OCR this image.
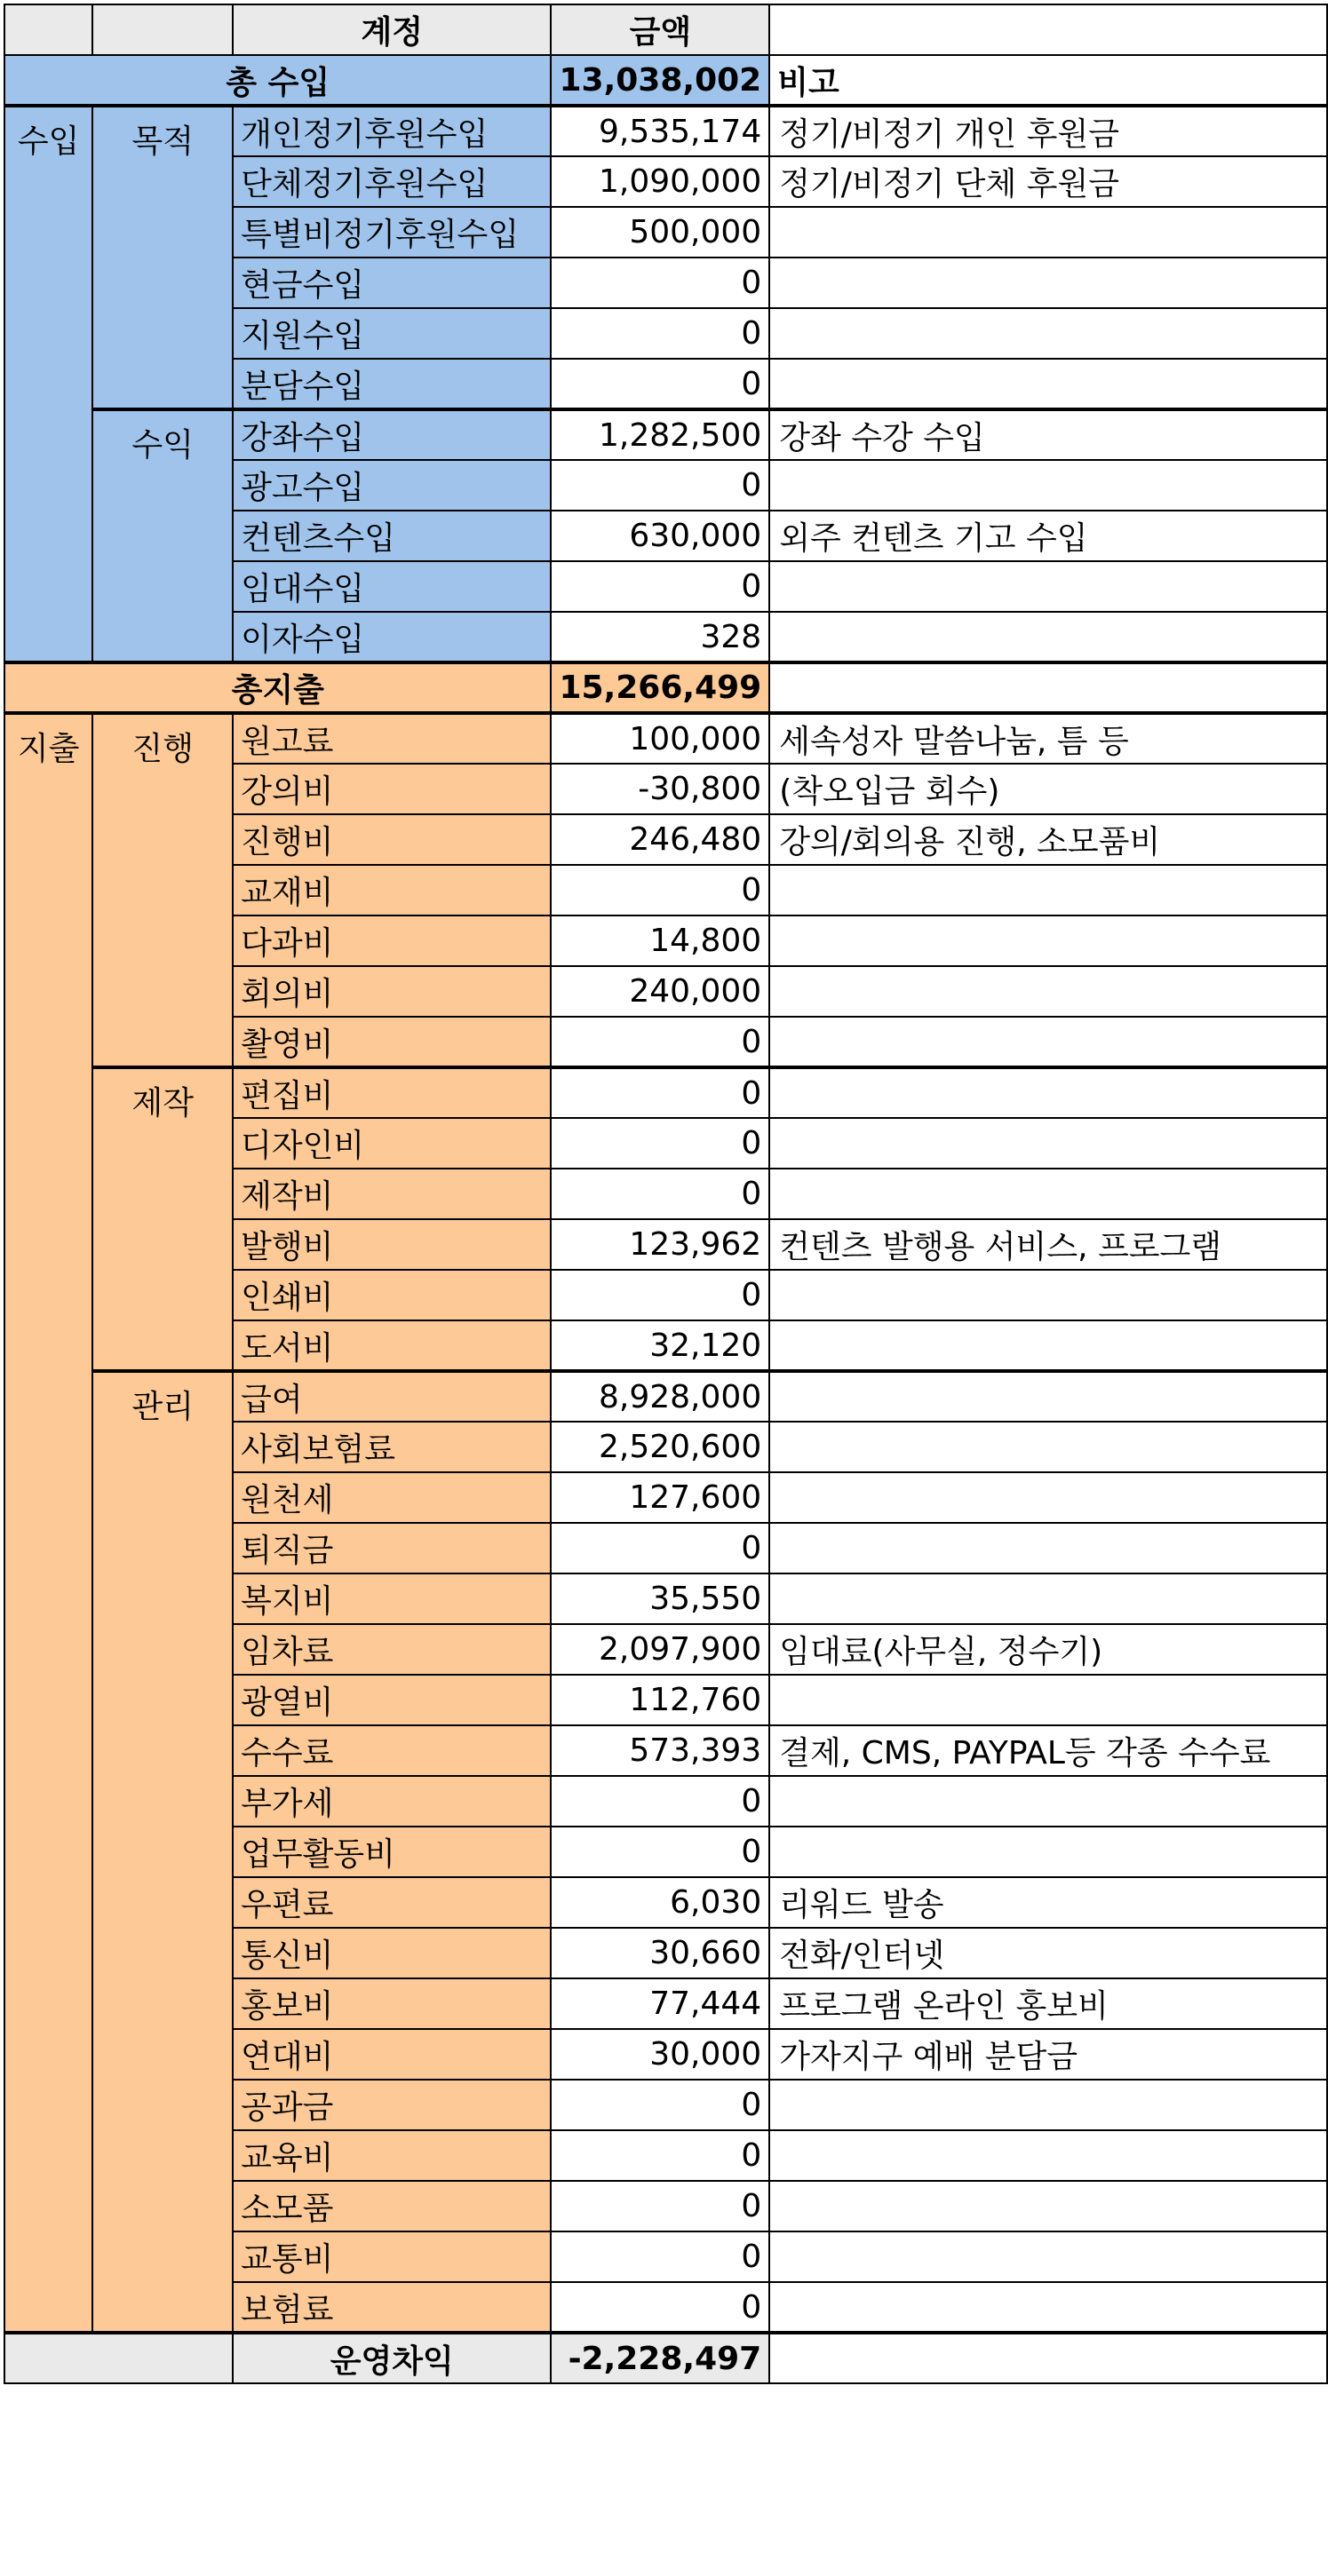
		계정	금액	
총 수입			13,038,002	비고
수입	목적	개인정기후원수입	9,535,174	정기/비정기 개인 후원금
		단체정기후원수입	1,090,000	정기/비정기 단체 후원금
		특별비정기후원수입	500,000	
		현금수입	0	
		지원수입	0	
		분담수입	0	
	수익	강좌수입	1,282,500	강좌 수강 수입
		광고수입	0	
		컨텐츠수입	630,000	외주 컨텐츠 기고 수입
		임대수입	0	
		이자수입	328	
총지출			15,266,499	
지출	진행	원고료	100,000	세속성자 말씀나눔, 틈 등
		강의비	-30,800	(착오입금 회수)
		진행비	246,480	강의/회의용 진행, 소모품비
		교재비	0	
		다과비	14,800	
		회의비	240,000	
		촬영비	0	
	제작	편집비	0	
		디자인비	0	
		제작비	0	
		발행비	123,962	컨텐츠 발행용 서비스, 프로그램
		인쇄비	0	
		도서비	32,120	
	관리	급여	8,928,000	
		사회보험료	2,520,600	
		원천세	127,600	
		퇴직금	0	
		복지비	35,550	
		임차료	2,097,900	임대료(사무실, 정수기)
		광열비	112,760	
		수수료	573,393	결제, CMS, PAYPAL등 각종 수수료
		부가세	0	
		업무활동비	0	
		우편료	6,030	리워드 발송
		통신비	30,660	전화/인터넷
		홍보비	77,444	프로그램 온라인 홍보비
		연대비	30,000	가자지구 예배 분담금
		공과금	0	
		교육비	0	
		소모품	0	
		교통비	0	
		보험료	0	
		운영차익	-2,228,497	
